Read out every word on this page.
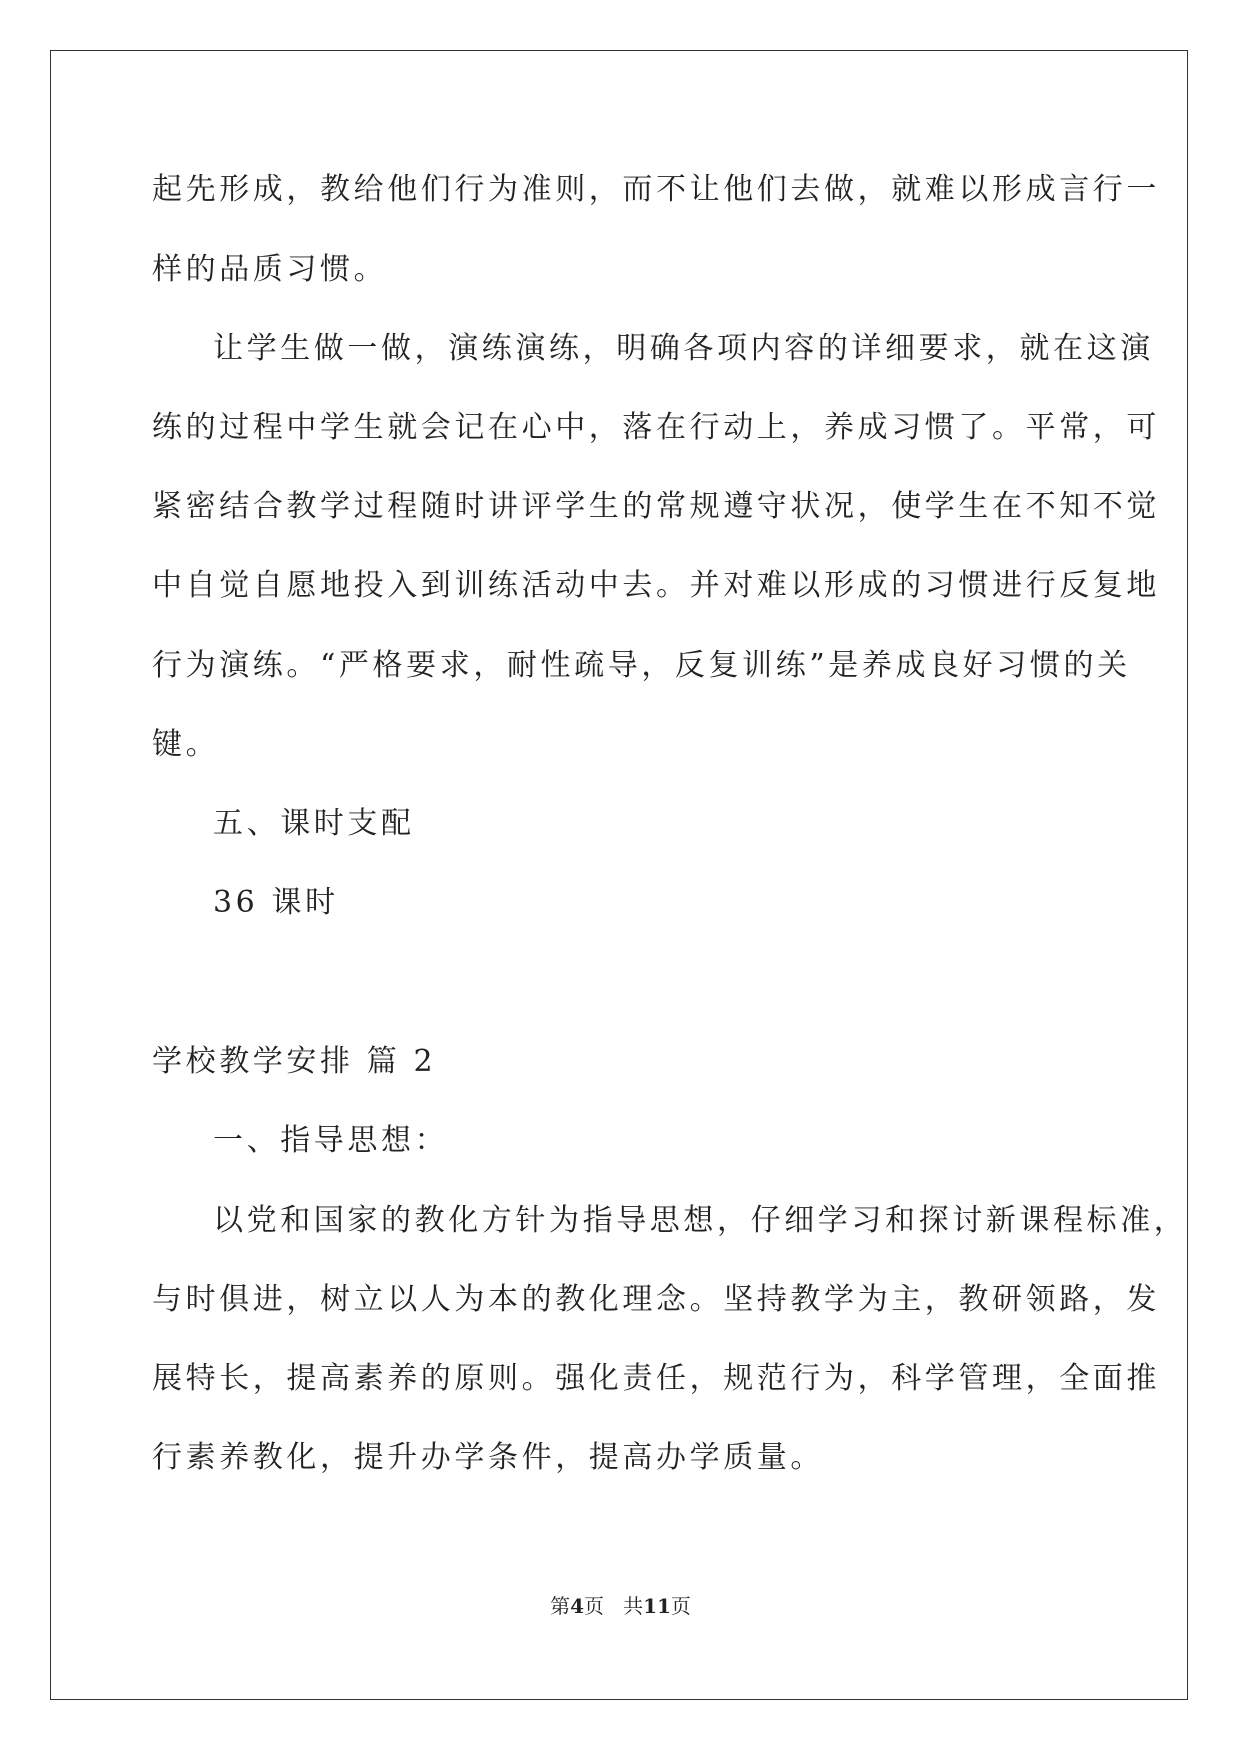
起先形成，教给他们行为准则，而不让他们去做，就难以形成言行一
样的品质习惯。
让学生做一做，演练演练，明确各项内容的详细要求，就在这演
练的过程中学生就会记在心中，落在行动上，养成习惯了。平常，可
紧密结合教学过程随时讲评学生的常规遵守状况，使学生在不知不觉
中自觉自愿地投入到训练活动中去。并对难以形成的习惯进行反复地
行为演练。“严格要求，耐性疏导，反复训练”是养成良好习惯的关
键。
五、课时支配
36 课时
学校教学安排 篇 2
一、指导思想：
以党和国家的教化方针为指导思想，仔细学习和探讨新课程标准，
与时俱进，树立以人为本的教化理念。坚持教学为主，教研领路，发
展特长，提高素养的原则。强化责任，规范行为，科学管理，全面推
行素养教化，提升办学条件，提高办学质量。
第4页 共11页
